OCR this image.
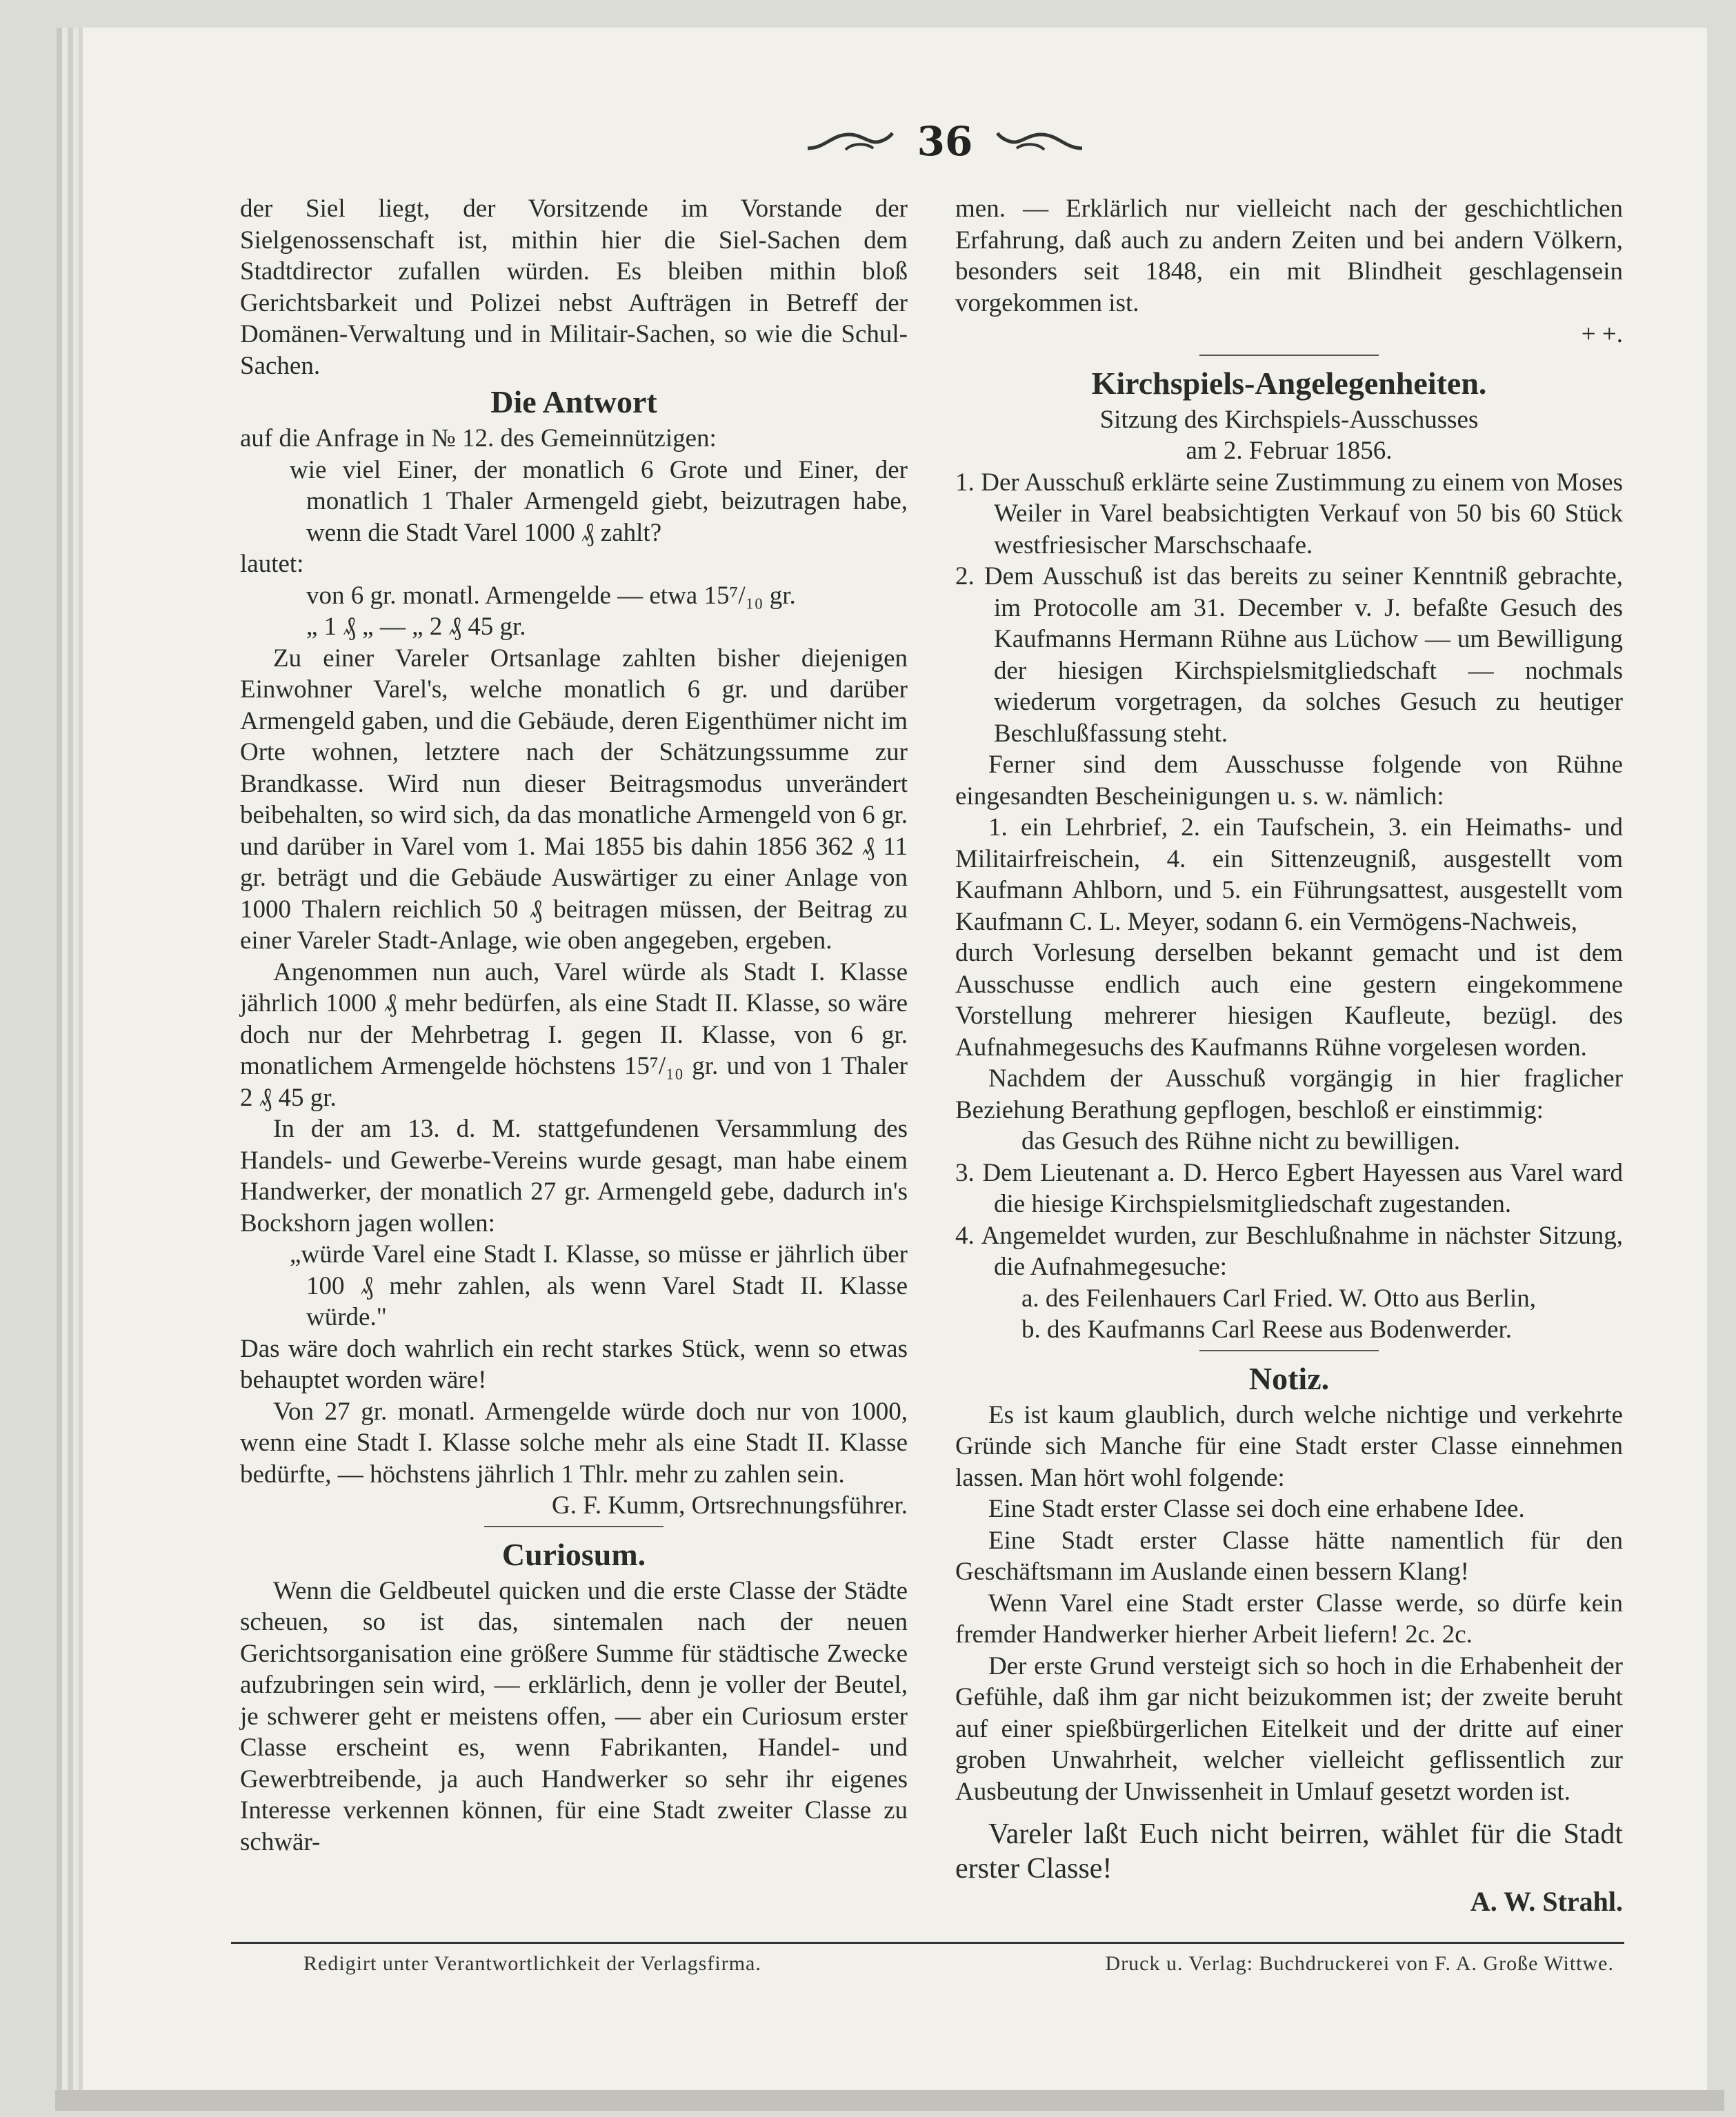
36

der Siel liegt, der Vorsitzende im Vorstande der Sielgenossenschaft ist, mithin hier die Siel-Sachen dem Stadtdirector zufallen würden. Es bleiben mithin bloß Gerichtsbarkeit und Polizei nebst Aufträgen in Betreff der Domänen-Verwaltung und in Militair-Sachen, so wie die Schul-Sachen.

Die Antwort

auf die Anfrage in № 12. des Gemeinnützigen:

wie viel Einer, der monatlich 6 Grote und Einer, der monatlich 1 Thaler Armengeld giebt, beizutragen habe, wenn die Stadt Varel 1000 ₰ zahlt?

lautet:

von 6 gr. monatl. Armengelde — etwa 15⁷/₁₀ gr.

„ 1 ₰ „ — „ 2 ₰ 45 gr.

Zu einer Vareler Ortsanlage zahlten bisher diejenigen Einwohner Varel's, welche monatlich 6 gr. und darüber Armengeld gaben, und die Gebäude, deren Eigenthümer nicht im Orte wohnen, letztere nach der Schätzungssumme zur Brandkasse. Wird nun dieser Beitragsmodus unverändert beibehalten, so wird sich, da das monatliche Armengeld von 6 gr. und darüber in Varel vom 1. Mai 1855 bis dahin 1856 362 ₰ 11 gr. beträgt und die Gebäude Auswärtiger zu einer Anlage von 1000 Thalern reichlich 50 ₰ beitragen müssen, der Beitrag zu einer Vareler Stadt-Anlage, wie oben angegeben, ergeben.

Angenommen nun auch, Varel würde als Stadt I. Klasse jährlich 1000 ₰ mehr bedürfen, als eine Stadt II. Klasse, so wäre doch nur der Mehrbetrag I. gegen II. Klasse, von 6 gr. monatlichem Armengelde höchstens 15⁷/₁₀ gr. und von 1 Thaler 2 ₰ 45 gr.

In der am 13. d. M. stattgefundenen Versammlung des Handels- und Gewerbe-Vereins wurde gesagt, man habe einem Handwerker, der monatlich 27 gr. Armengeld gebe, dadurch in's Bockshorn jagen wollen:

„würde Varel eine Stadt I. Klasse, so müsse er jährlich über 100 ₰ mehr zahlen, als wenn Varel Stadt II. Klasse würde."

Das wäre doch wahrlich ein recht starkes Stück, wenn so etwas behauptet worden wäre!

Von 27 gr. monatl. Armengelde würde doch nur von 1000, wenn eine Stadt I. Klasse solche mehr als eine Stadt II. Klasse bedürfte, — höchstens jährlich 1 Thlr. mehr zu zahlen sein.

G. F. Kumm, Ortsrechnungsführer.

Curiosum.

Wenn die Geldbeutel quicken und die erste Classe der Städte scheuen, so ist das, sintemalen nach der neuen Gerichtsorganisation eine größere Summe für städtische Zwecke aufzubringen sein wird, — erklärlich, denn je voller der Beutel, je schwerer geht er meistens offen, — aber ein Curiosum erster Classe erscheint es, wenn Fabrikanten, Handel- und Gewerbtreibende, ja auch Handwerker so sehr ihr eigenes Interesse verkennen können, für eine Stadt zweiter Classe zu schwär-

men. — Erklärlich nur vielleicht nach der geschichtlichen Erfahrung, daß auch zu andern Zeiten und bei andern Völkern, besonders seit 1848, ein mit Blindheit geschlagensein vorgekommen ist.

+ +.

Kirchspiels-Angelegenheiten.

Sitzung des Kirchspiels-Ausschusses

am 2. Februar 1856.

1. Der Ausschuß erklärte seine Zustimmung zu einem von Moses Weiler in Varel beabsichtigten Verkauf von 50 bis 60 Stück westfriesischer Marschschaafe.

2. Dem Ausschuß ist das bereits zu seiner Kenntniß gebrachte, im Protocolle am 31. December v. J. befaßte Gesuch des Kaufmanns Hermann Rühne aus Lüchow — um Bewilligung der hiesigen Kirchspielsmitgliedschaft — nochmals wiederum vorgetragen, da solches Gesuch zu heutiger Beschlußfassung steht.

Ferner sind dem Ausschusse folgende von Rühne eingesandten Bescheinigungen u. s. w. nämlich:

1. ein Lehrbrief, 2. ein Taufschein, 3. ein Heimaths- und Militairfreischein, 4. ein Sittenzeugniß, ausgestellt vom Kaufmann Ahlborn, und 5. ein Führungsattest, ausgestellt vom Kaufmann C. L. Meyer, sodann 6. ein Vermögens-Nachweis,

durch Vorlesung derselben bekannt gemacht und ist dem Ausschusse endlich auch eine gestern eingekommene Vorstellung mehrerer hiesigen Kaufleute, bezügl. des Aufnahmegesuchs des Kaufmanns Rühne vorgelesen worden.

Nachdem der Ausschuß vorgängig in hier fraglicher Beziehung Berathung gepflogen, beschloß er einstimmig:

das Gesuch des Rühne nicht zu bewilligen.

3. Dem Lieutenant a. D. Herco Egbert Hayessen aus Varel ward die hiesige Kirchspielsmitgliedschaft zugestanden.

4. Angemeldet wurden, zur Beschlußnahme in nächster Sitzung, die Aufnahmegesuche:

a. des Feilenhauers Carl Fried. W. Otto aus Berlin,

b. des Kaufmanns Carl Reese aus Bodenwerder.

Notiz.

Es ist kaum glaublich, durch welche nichtige und verkehrte Gründe sich Manche für eine Stadt erster Classe einnehmen lassen. Man hört wohl folgende:

Eine Stadt erster Classe sei doch eine erhabene Idee.

Eine Stadt erster Classe hätte namentlich für den Geschäftsmann im Auslande einen bessern Klang!

Wenn Varel eine Stadt erster Classe werde, so dürfe kein fremder Handwerker hierher Arbeit liefern! 2c. 2c.

Der erste Grund versteigt sich so hoch in die Erhabenheit der Gefühle, daß ihm gar nicht beizukommen ist; der zweite beruht auf einer spießbürgerlichen Eitelkeit und der dritte auf einer groben Unwahrheit, welcher vielleicht geflissentlich zur Ausbeutung der Unwissenheit in Umlauf gesetzt worden ist.

Vareler laßt Euch nicht beirren, wählet für die Stadt erster Classe!

A. W. Strahl.

Redigirt unter Verantwortlichkeit der Verlagsfirma.	Druck u. Verlag: Buchdruckerei von F. A. Große Wittwe.
